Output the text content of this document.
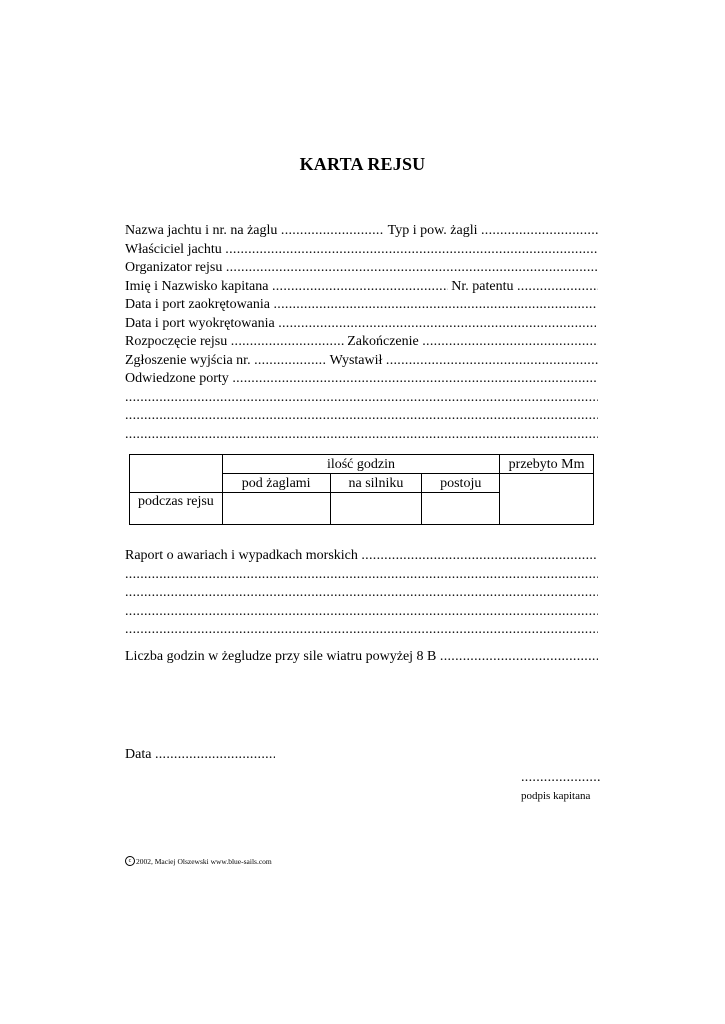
KARTA REJSU
Nazwa jachtu i nr. na żaglu
.....
	Typ i pow. żagli

.....
Właściciel jachtu

.....
Organizator rejsu

.....
Imię i Nazwisko kapitana
.....
	Nr. patentu

.....
Data i port zaokrętowania

.....
Data i port wyokrętowania

.....
Rozpoczęcie rejsu
.....
	Zakończenie

.....
Zgłoszenie wyjścia nr.
.....
	Wystawił

.....
Odwiedzone porty

.....
.....
.....
.....
	ilość godzin			przebyto Mm
	pod żaglami	na silniku	postoju	
podczas rejsu				
Raport o awariach i wypadkach morskich

.....
.....
.....
.....
.....
Liczba godzin w żegludze przy sile wiatru powyżej 8 B

.....
Data

.....
.....................
podpis kapitana
c 2002, Maciej Olszewski www.blue-sails.com
